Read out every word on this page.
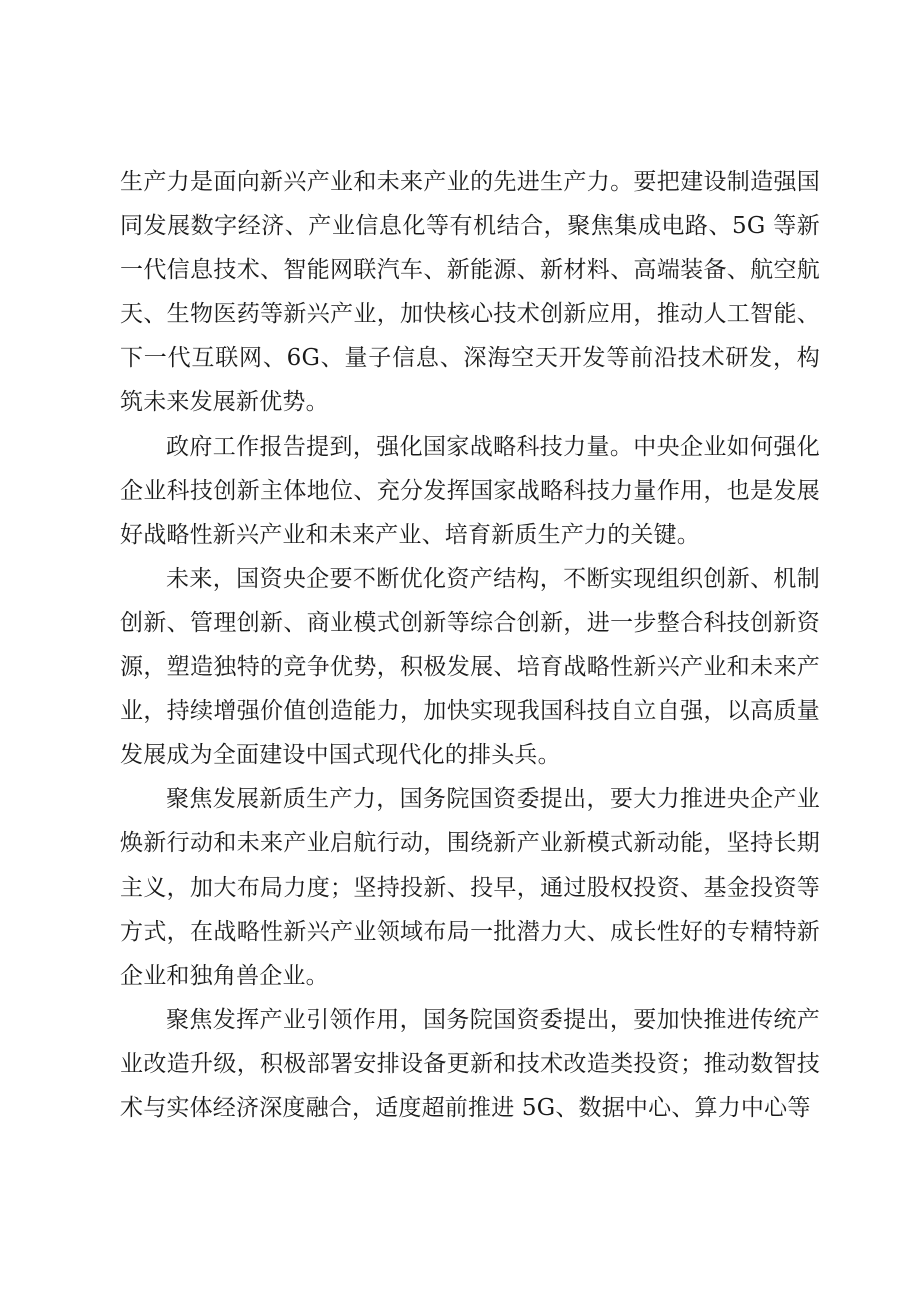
生产力是面向新兴产业和未来产业的先进生产力。要把建设制造强国同发展数字经济、产业信息化等有机结合，聚焦集成电路、5G 等新一代信息技术、智能网联汽车、新能源、新材料、高端装备、航空航天、生物医药等新兴产业，加快核心技术创新应用，推动人工智能、下一代互联网、6G、量子信息、深海空天开发等前沿技术研发，构筑未来发展新优势。

政府工作报告提到，强化国家战略科技力量。中央企业如何强化企业科技创新主体地位、充分发挥国家战略科技力量作用，也是发展好战略性新兴产业和未来产业、培育新质生产力的关键。

未来，国资央企要不断优化资产结构，不断实现组织创新、机制创新、管理创新、商业模式创新等综合创新，进一步整合科技创新资源，塑造独特的竞争优势，积极发展、培育战略性新兴产业和未来产业，持续增强价值创造能力，加快实现我国科技自立自强，以高质量发展成为全面建设中国式现代化的排头兵。

聚焦发展新质生产力，国务院国资委提出，要大力推进央企产业焕新行动和未来产业启航行动，围绕新产业新模式新动能，坚持长期主义，加大布局力度；坚持投新、投早，通过股权投资、基金投资等方式，在战略性新兴产业领域布局一批潜力大、成长性好的专精特新企业和独角兽企业。

聚焦发挥产业引领作用，国务院国资委提出，要加快推进传统产业改造升级，积极部署安排设备更新和技术改造类投资；推动数智技术与实体经济深度融合，适度超前推进 5G、数据中心、算力中心等
